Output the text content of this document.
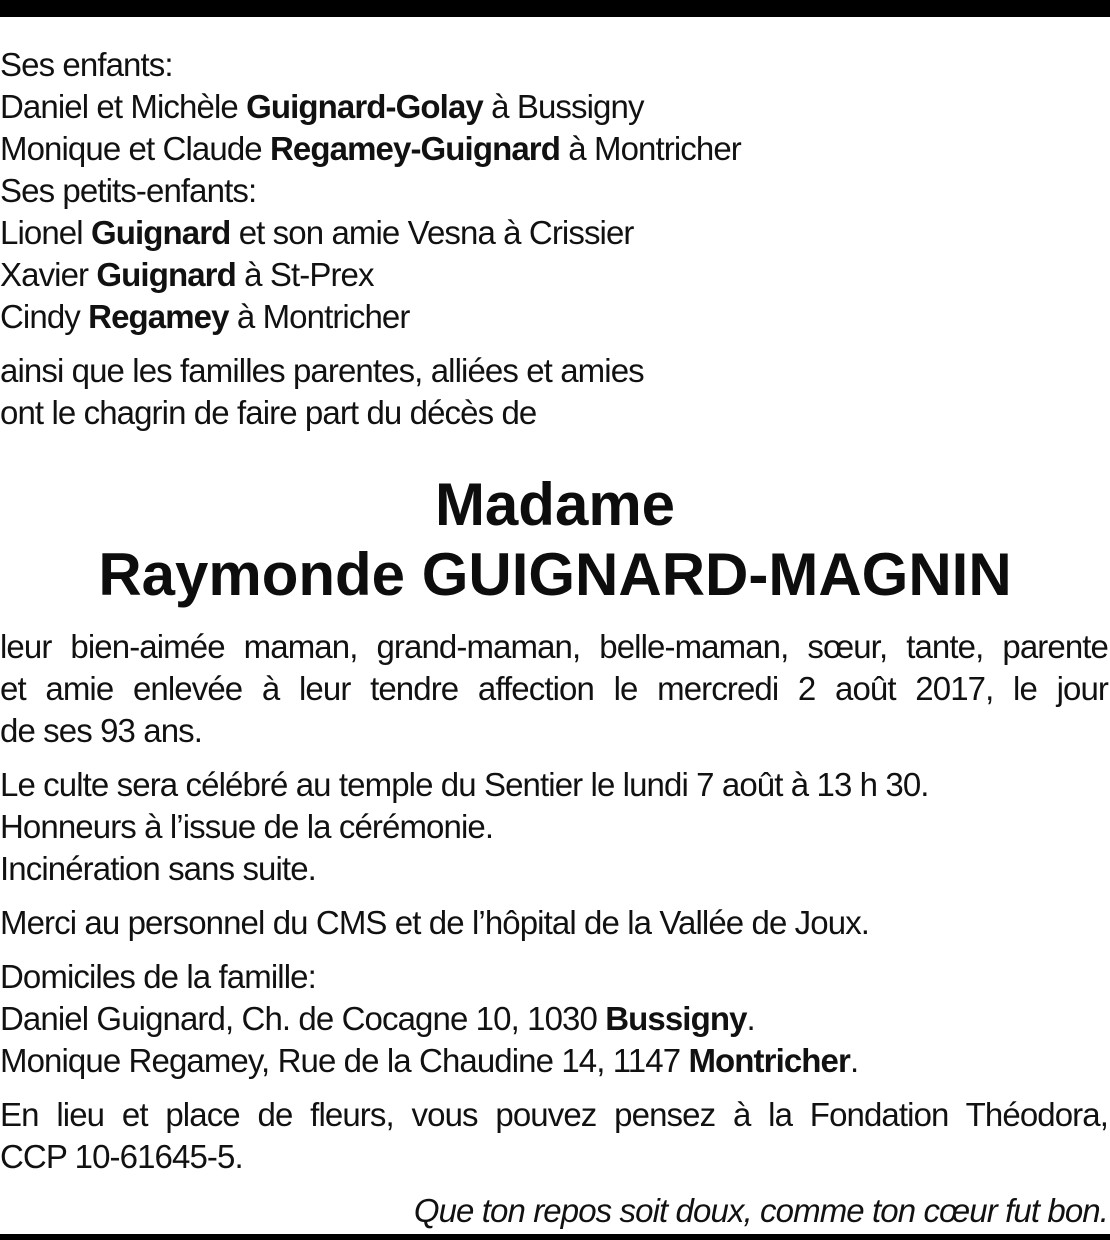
Ses enfants:
Daniel et Michèle Guignard-Golay à Bussigny
Monique et Claude Regamey-Guignard à Montricher
Ses petits-enfants:
Lionel Guignard et son amie Vesna à Crissier
Xavier Guignard à St-Prex
Cindy Regamey à Montricher
ainsi que les familles parentes, alliées et amies
ont le chagrin de faire part du décès de
Madame
Raymonde GUIGNARD-MAGNIN
leur bien-aimée maman, grand-maman, belle-maman, sœur, tante, parente
et amie enlevée à leur tendre affection le mercredi 2 août 2017, le jour
de ses 93 ans.
Le culte sera célébré au temple du Sentier le lundi 7 août à 13 h 30.
Honneurs à l’issue de la cérémonie.
Incinération sans suite.
Merci au personnel du CMS et de l’hôpital de la Vallée de Joux.
Domiciles de la famille:
Daniel Guignard, Ch. de Cocagne 10, 1030 Bussigny.
Monique Regamey, Rue de la Chaudine 14, 1147 Montricher.
En lieu et place de fleurs, vous pouvez pensez à la Fondation Théodora,
CCP 10-61645-5.
Que ton repos soit doux, comme ton cœur fut bon.
